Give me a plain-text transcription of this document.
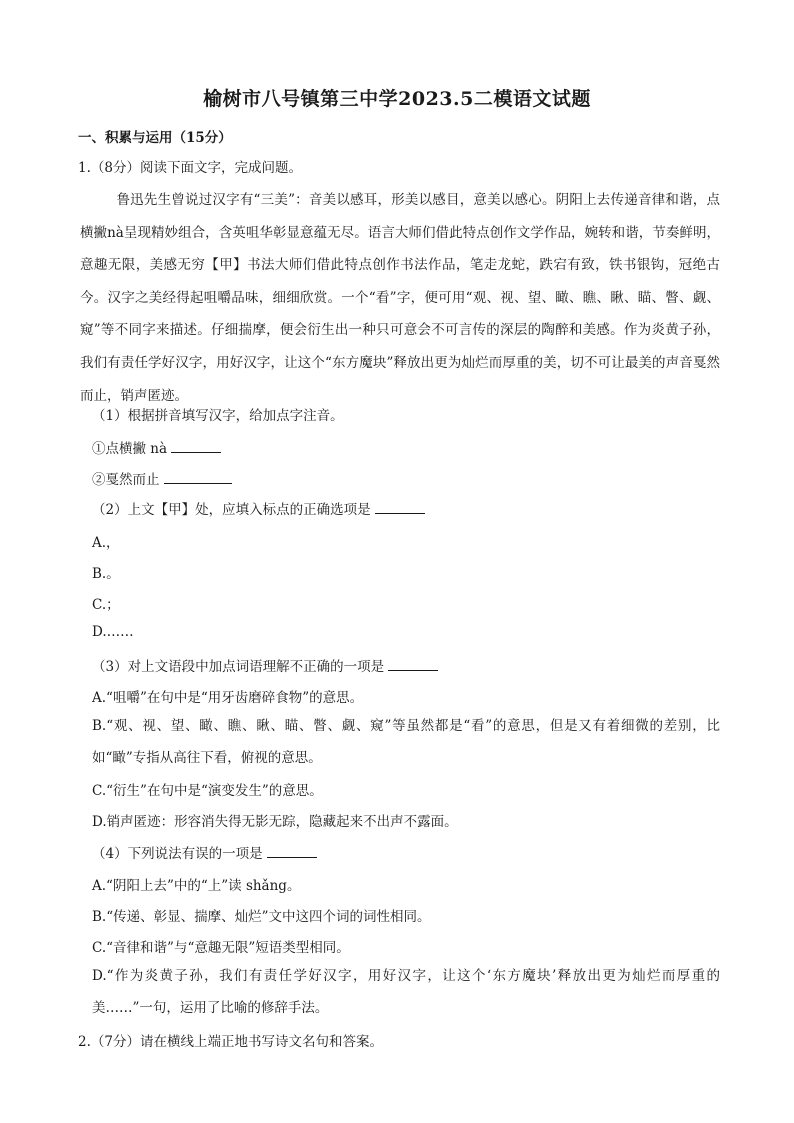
榆树市八号镇第三中学2023.5二模语文试题
一、积累与运用（15分）
1.（8分）阅读下面文字，完成问题。
鲁迅先生曾说过汉字有“三美”：音美以感耳，形美以感目，意美以感心。阴阳上去传递音律和谐，点横撇nà呈现精妙组合，含英咀华彰显意蕴无尽。语言大师们借此特点创作文学作品，婉转和谐，节奏鲜明，意趣无限，美感无穷【甲】书法大师们借此特点创作书法作品，笔走龙蛇，跌宕有致，铁书银钩，冠绝古今。汉字之美经得起咀嚼品味，细细欣赏。一个“看”字，便可用“观、视、望、瞰、瞧、瞅、瞄、瞥、觑、窥”等不同字来描述。仔细揣摩，便会衍生出一种只可意会不可言传的深层的陶醉和美感。作为炎黄子孙，我们有责任学好汉字，用好汉字，让这个“东方魔块”释放出更为灿烂而厚重的美，切不可让最美的声音戛然而止，销声匿迹。
（1）根据拼音填写汉字，给加点字注音。
①点横撇 nà
②戛然而止
（2）上文【甲】处，应填入标点的正确选项是
A.，
B.。
C.；
D.……
（3）对上文语段中加点词语理解不正确的一项是
A.“咀嚼”在句中是“用牙齿磨碎食物”的意思。
B.“观、视、望、瞰、瞧、瞅、瞄、瞥、觑、窥”等虽然都是“看”的意思，但是又有着细微的差别，比如“瞰”专指从高往下看，俯视的意思。
C.“衍生”在句中是“演变发生”的意思。
D.销声匿迹：形容消失得无影无踪，隐藏起来不出声不露面。
（4）下列说法有误的一项是
A.“阴阳上去”中的“上”读 shǎng。
B.“传递、彰显、揣摩、灿烂”文中这四个词的词性相同。
C.“音律和谐”与“意趣无限”短语类型相同。
D.“作为炎黄子孙，我们有责任学好汉字，用好汉字，让这个‘东方魔块’释放出更为灿烂而厚重的美……”一句，运用了比喻的修辞手法。
2.（7分）请在横线上端正地书写诗文名句和答案。
